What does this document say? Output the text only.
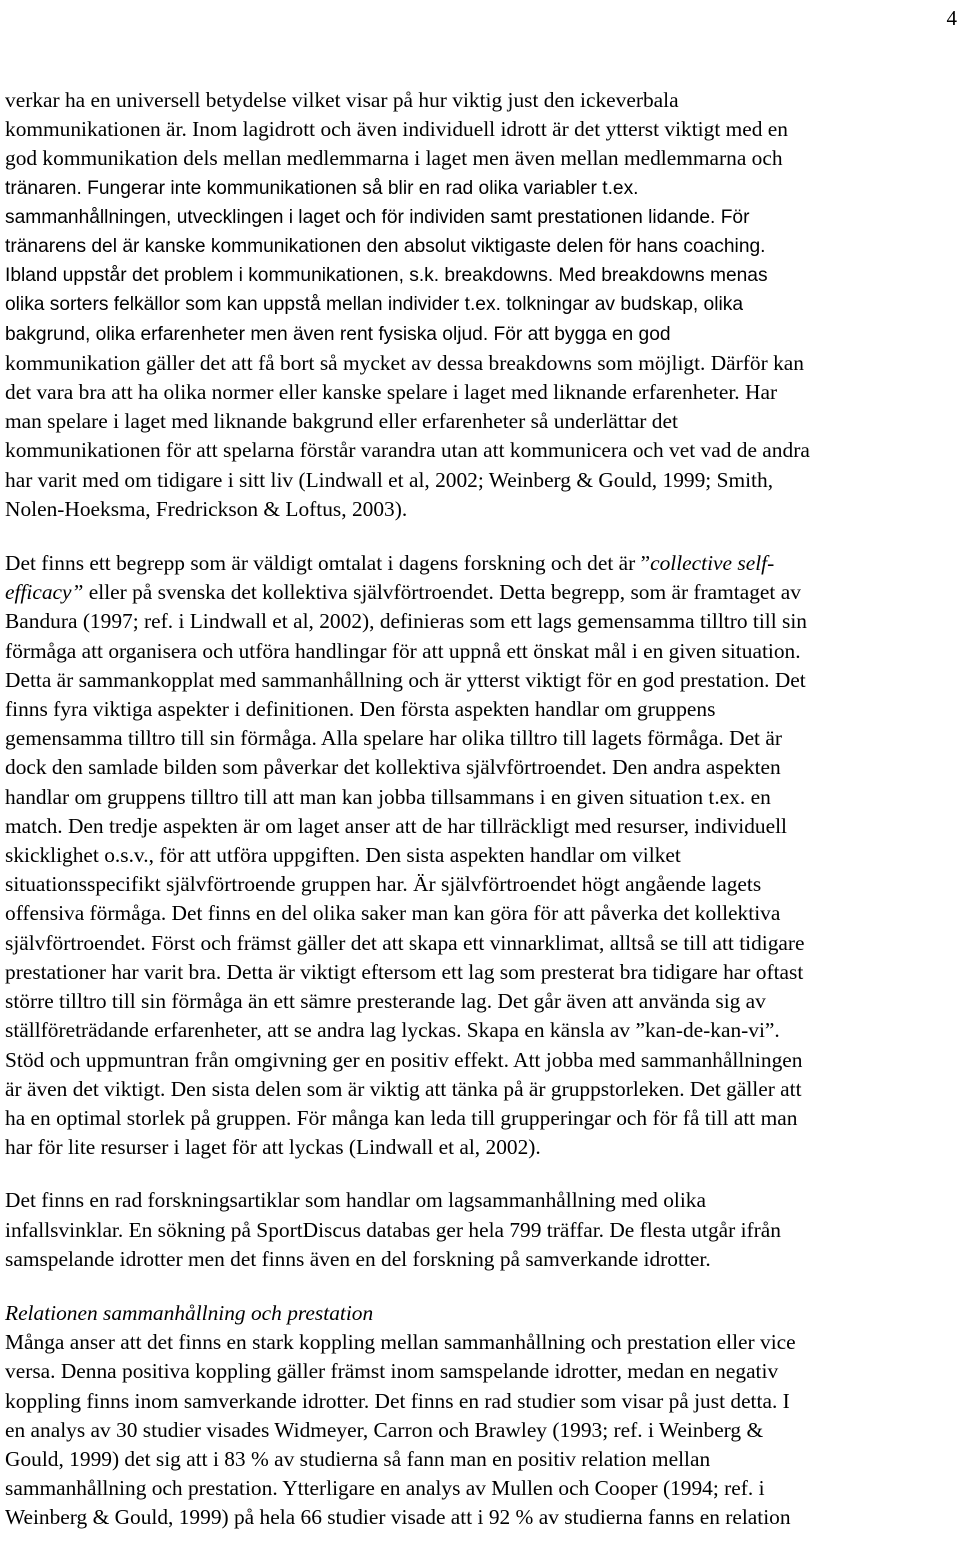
4

verkar ha en universell betydelse vilket visar på hur viktig just den ickeverbala
kommunikationen är. Inom lagidrott och även individuell idrott är det ytterst viktigt med en
god kommunikation dels mellan medlemmarna i laget men även mellan medlemmarna och
tränaren. Fungerar inte kommunikationen så blir en rad olika variabler t.ex.
sammanhållningen, utvecklingen i laget och för individen samt prestationen lidande. För
tränarens del är kanske kommunikationen den absolut viktigaste delen för hans coaching.
Ibland uppstår det problem i kommunikationen, s.k. breakdowns. Med breakdowns menas
olika sorters felkällor som kan uppstå mellan individer t.ex. tolkningar av budskap, olika
bakgrund, olika erfarenheter men även rent fysiska oljud. För att bygga en god
kommunikation gäller det att få bort så mycket av dessa breakdowns som möjligt. Därför kan
det vara bra att ha olika normer eller kanske spelare i laget med liknande erfarenheter. Har
man spelare i laget med liknande bakgrund eller erfarenheter så underlättar det
kommunikationen för att spelarna förstår varandra utan att kommunicera och vet vad de andra
har varit med om tidigare i sitt liv (Lindwall et al, 2002; Weinberg & Gould, 1999; Smith,
Nolen-Hoeksma, Fredrickson & Loftus, 2003).

Det finns ett begrepp som är väldigt omtalat i dagens forskning och det är ”collective self-
efficacy” eller på svenska det kollektiva självförtroendet. Detta begrepp, som är framtaget av
Bandura (1997; ref. i Lindwall et al, 2002), definieras som ett lags gemensamma tilltro till sin
förmåga att organisera och utföra handlingar för att uppnå ett önskat mål i en given situation.
Detta är sammankopplat med sammanhållning och är ytterst viktigt för en god prestation. Det
finns fyra viktiga aspekter i definitionen. Den första aspekten handlar om gruppens
gemensamma tilltro till sin förmåga. Alla spelare har olika tilltro till lagets förmåga. Det är
dock den samlade bilden som påverkar det kollektiva självförtroendet. Den andra aspekten
handlar om gruppens tilltro till att man kan jobba tillsammans i en given situation t.ex. en
match. Den tredje aspekten är om laget anser att de har tillräckligt med resurser, individuell
skicklighet o.s.v., för att utföra uppgiften. Den sista aspekten handlar om vilket
situationsspecifikt självförtroende gruppen har. Är självförtroendet högt angående lagets
offensiva förmåga. Det finns en del olika saker man kan göra för att påverka det kollektiva
självförtroendet. Först och främst gäller det att skapa ett vinnarklimat, alltså se till att tidigare
prestationer har varit bra. Detta är viktigt eftersom ett lag som presterat bra tidigare har oftast
större tilltro till sin förmåga än ett sämre presterande lag. Det går även att använda sig av
ställföreträdande erfarenheter, att se andra lag lyckas. Skapa en känsla av ”kan-de-kan-vi”.
Stöd och uppmuntran från omgivning ger en positiv effekt. Att jobba med sammanhållningen
är även det viktigt. Den sista delen som är viktig att tänka på är gruppstorleken. Det gäller att
ha en optimal storlek på gruppen. För många kan leda till grupperingar och för få till att man
har för lite resurser i laget för att lyckas (Lindwall et al, 2002).

Det finns en rad forskningsartiklar som handlar om lagsammanhållning med olika
infallsvinklar. En sökning på SportDiscus databas ger hela 799 träffar. De flesta utgår ifrån
samspelande idrotter men det finns även en del forskning på samverkande idrotter.

Relationen sammanhållning och prestation

Många anser att det finns en stark koppling mellan sammanhållning och prestation eller vice
versa. Denna positiva koppling gäller främst inom samspelande idrotter, medan en negativ
koppling finns inom samverkande idrotter. Det finns en rad studier som visar på just detta. I
en analys av 30 studier visades Widmeyer, Carron och Brawley (1993; ref. i Weinberg &
Gould, 1999) det sig att i 83 % av studierna så fann man en positiv relation mellan
sammanhållning och prestation. Ytterligare en analys av Mullen och Cooper (1994; ref. i
Weinberg & Gould, 1999) på hela 66 studier visade att i 92 % av studierna fanns en relation
